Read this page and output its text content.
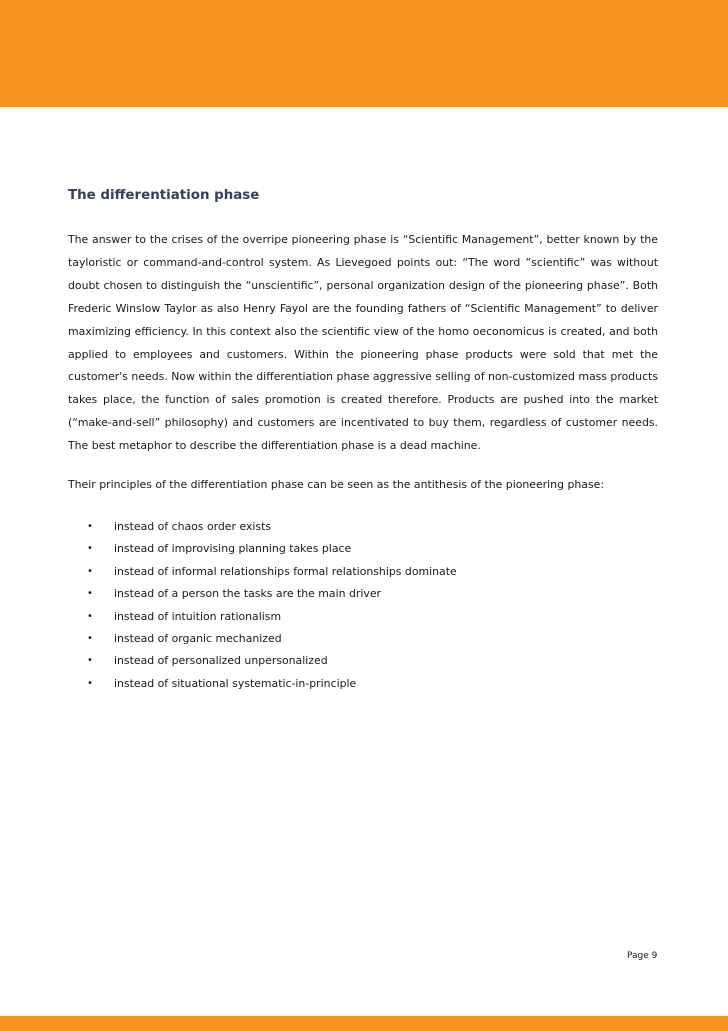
The differentiation phase

The answer to the crises of the overripe pioneering phase is “Scientific Management”, better known by the tayloristic or command-and-control system. As Lievegoed points out: “The word “scientific” was without doubt chosen to distinguish the “unscientific”, personal organization design of the pioneering phase”. Both Frederic Winslow Taylor as also Henry Fayol are the founding fathers of “Scientific Management” to deliver maximizing efficiency. In this context also the scientific view of the homo oeconomicus is created, and both applied to employees and customers. Within the pioneering phase products were sold that met the customer's needs. Now within the differentiation phase aggressive selling of non-customized mass products takes place, the function of sales promotion is created therefore. Products are pushed into the market (“make-and-sell” philosophy) and customers are incentivated to buy them, regardless of customer needs. The best metaphor to describe the differentiation phase is a dead machine.

Their principles of the differentiation phase can be seen as the antithesis of the pioneering phase:

•	instead of chaos order exists
•	instead of improvising planning takes place
•	instead of informal relationships formal relationships dominate
•	instead of a person the tasks are the main driver
•	instead of intuition rationalism
•	instead of organic mechanized
•	instead of personalized unpersonalized
•	instead of situational systematic-in-principle

Page 9
